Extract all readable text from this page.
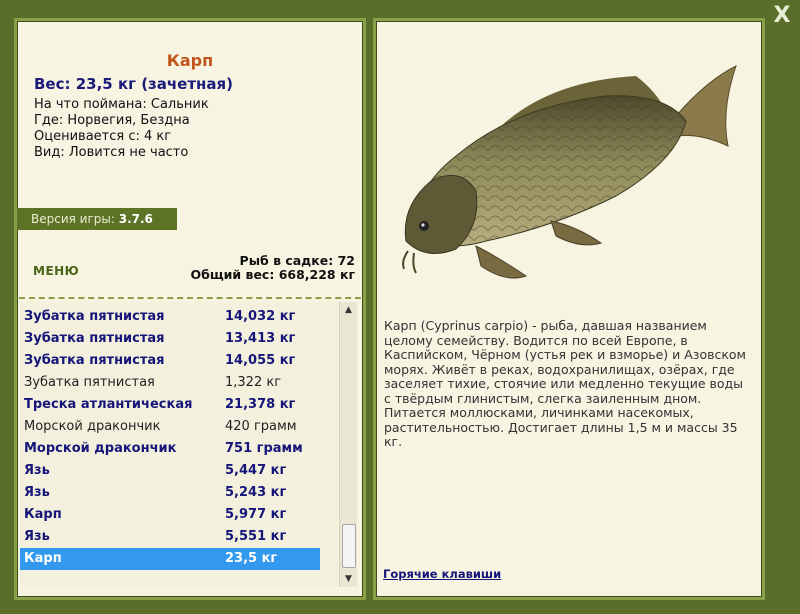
X
Карп
Вес: 23,5 кг (зачетная)
На что поймана: Сальник
Где: Норвегия, Бездна
Оценивается с: 4 кг
Вид: Ловится не часто
Версия игры: 3.7.6
МЕНЮ
Рыб в садке: 72
Общий вес: 668,228 кг
Зубатка пятнистая	14,032 кг
Зубатка пятнистая	13,413 кг
Зубатка пятнистая	14,055 кг
Зубатка пятнистая	1,322 кг
Треска атлантическая	21,378 кг
Морской дракончик	420 грамм
Морской дракончик	751 грамм
Язь	5,447 кг
Язь	5,243 кг
Карп	5,977 кг
Язь	5,551 кг
Карп	23,5 кг
▲
▼
Карп (Cyprinus carpio) - рыба, давшая названием целому семейству. Водится по всей Европе, в Каспийском, Чёрном (устья рек и взморье) и Азовском морях. Живёт в реках, водохранилищах, озёрах, где заселяет тихие, стоячие или медленно текущие воды с твёрдым глинистым, слегка заиленным дном. Питается моллюсками, личинками насекомых, растительностью. Достигает длины 1,5 м и массы 35 кг.
Горячие клавиши
